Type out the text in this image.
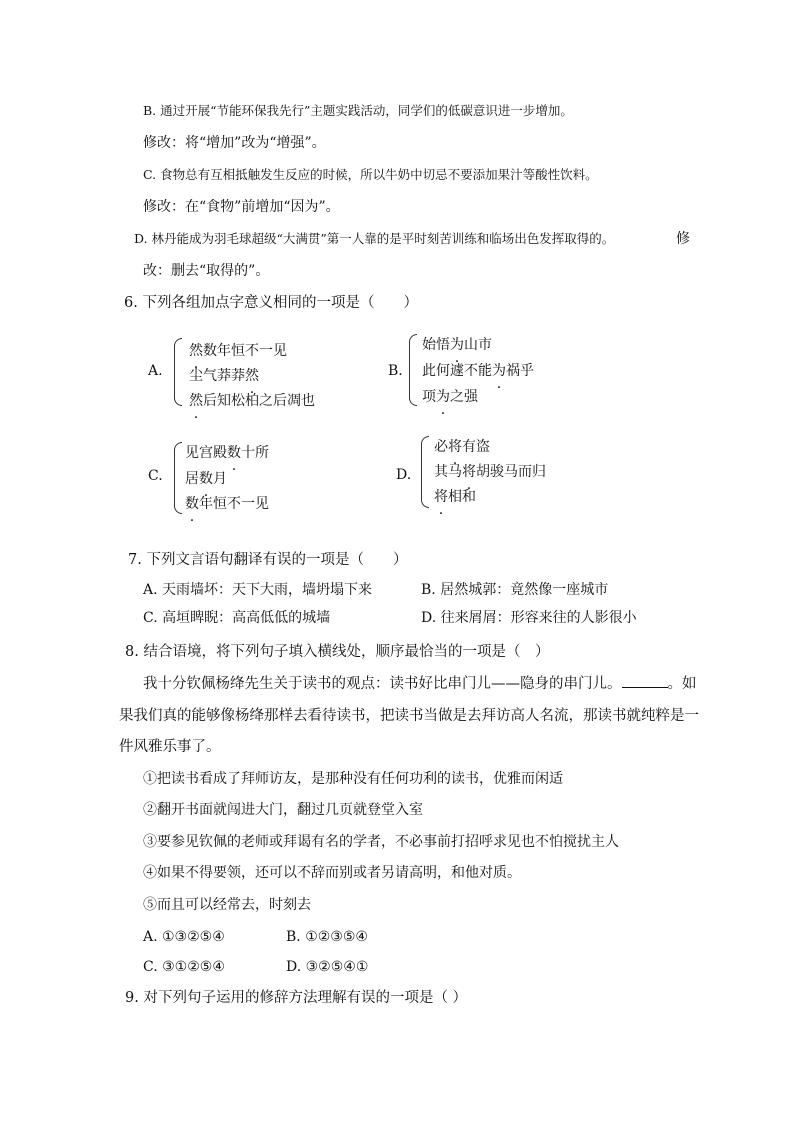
B. 通过开展“节能环保我先行”主题实践活动，同学们的低碳意识进一步增加。
修改：将“增加”改为“增强”。
C. 食物总有互相抵触发生反应的时候，所以牛奶中切忌不要添加果汁等酸性饮料。
修改：在“食物”前增加“因为”。
D. 林丹能成为羽毛球超级“大满贯”第一人靠的是平时刻苦训练和临场出色发挥取得的。	修
改：删去“取得的”。
6. 下列各组加点字意义相同的一项是（　　）
A.
然数年恒不一见
尘气莽莽然
然后知松柏之后凋也
B.
始悟为山市
此何遽不能为祸乎
项为之强
C.
见宫殿数十所
居数月
数年恒不一见
D.
必将有盗
其马将胡骏马而归
将相和
7. 下列文言语句翻译有误的一项是（　　）
A. 天雨墙坏：天下大雨，墙坍塌下来	B. 居然城郭：竟然像一座城市
C. 高垣睥睨：高高低低的城墙	D. 往来屑屑：形容来往的人影很小
8. 结合语境，将下列句子填入横线处，顺序最恰当的一项是（　）
我十分钦佩杨绛先生关于读书的观点：读书好比串门儿——隐身的串门儿。	。如
果我们真的能够像杨绛那样去看待读书，把读书当做是去拜访高人名流，那读书就纯粹是一
件风雅乐事了。
①把读书看成了拜师访友，是那种没有任何功利的读书，优雅而闲适
②翻开书面就闯进大门，翻过几页就登堂入室
③要参见钦佩的老师或拜谒有名的学者，不必事前打招呼求见也不怕搅扰主人
④如果不得要领，还可以不辞而别或者另请高明，和他对质。
⑤而且可以经常去，时刻去
A. ①③②⑤④	B. ①②③⑤④
C. ③①②⑤④	D. ③②⑤④①
9. 对下列句子运用的修辞方法理解有误的一项是（ ）
